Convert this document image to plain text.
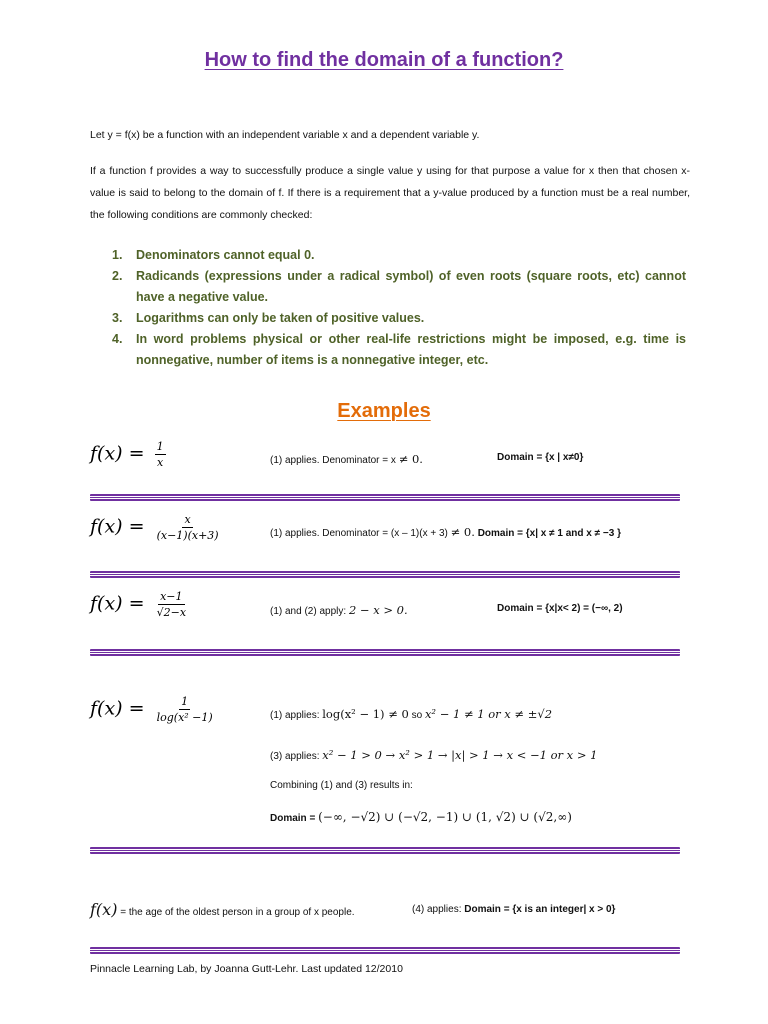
How to find the domain of a function?
Let y = f(x) be a function with an independent variable x and a dependent variable y.
If a function f provides a way to successfully produce a single value y using for that purpose a value for x then that chosen x-value is said to belong to the domain of f. If there is a requirement that a y-value produced by a function must be a real number, the following conditions are commonly checked:
1. Denominators cannot equal 0.
2. Radicands (expressions under a radical symbol) of even roots (square roots, etc) cannot have a negative value.
3. Logarithms can only be taken of positive values.
4. In word problems physical or other real-life restrictions might be imposed, e.g. time is nonnegative, number of items is a nonnegative integer, etc.
Examples
$f(x) = \frac{1}{x}$	(1) applies. Denominator = x ≠ 0.	Domain = {x | x≠0}
$f(x) = \frac{x}{(x-1)(x+3)}$	(1) applies. Denominator = (x – 1)(x + 3) ≠ 0. Domain = {x| x ≠ 1 and x ≠ −3 }
$f(x) = \frac{x-1}{√2-x}$	(1) and (2) apply: 2 − x > 0.	Domain = {x|x< 2) = (−∞, 2)
$f(x) = \frac{1}{\text{log(x² −1)}}$	(1) applies: log(x² − 1) ≠ 0 so x² − 1 ≠ 1 or x ≠ ±√2
(3) applies: x² − 1 > 0 → x² > 1 → |x| > 1 → x < −1 or x > 1
Combining (1) and (3) results in:
Domain = (−∞, −√2) ∪ (−√2, −1) ∪ (1, √2) ∪ (√2,∞)
f(x) = the age of the oldest person in a group of x people.	(4) applies: Domain = {x is an integer| x > 0}
Pinnacle Learning Lab, by Joanna Gutt-Lehr. Last updated 12/2010
